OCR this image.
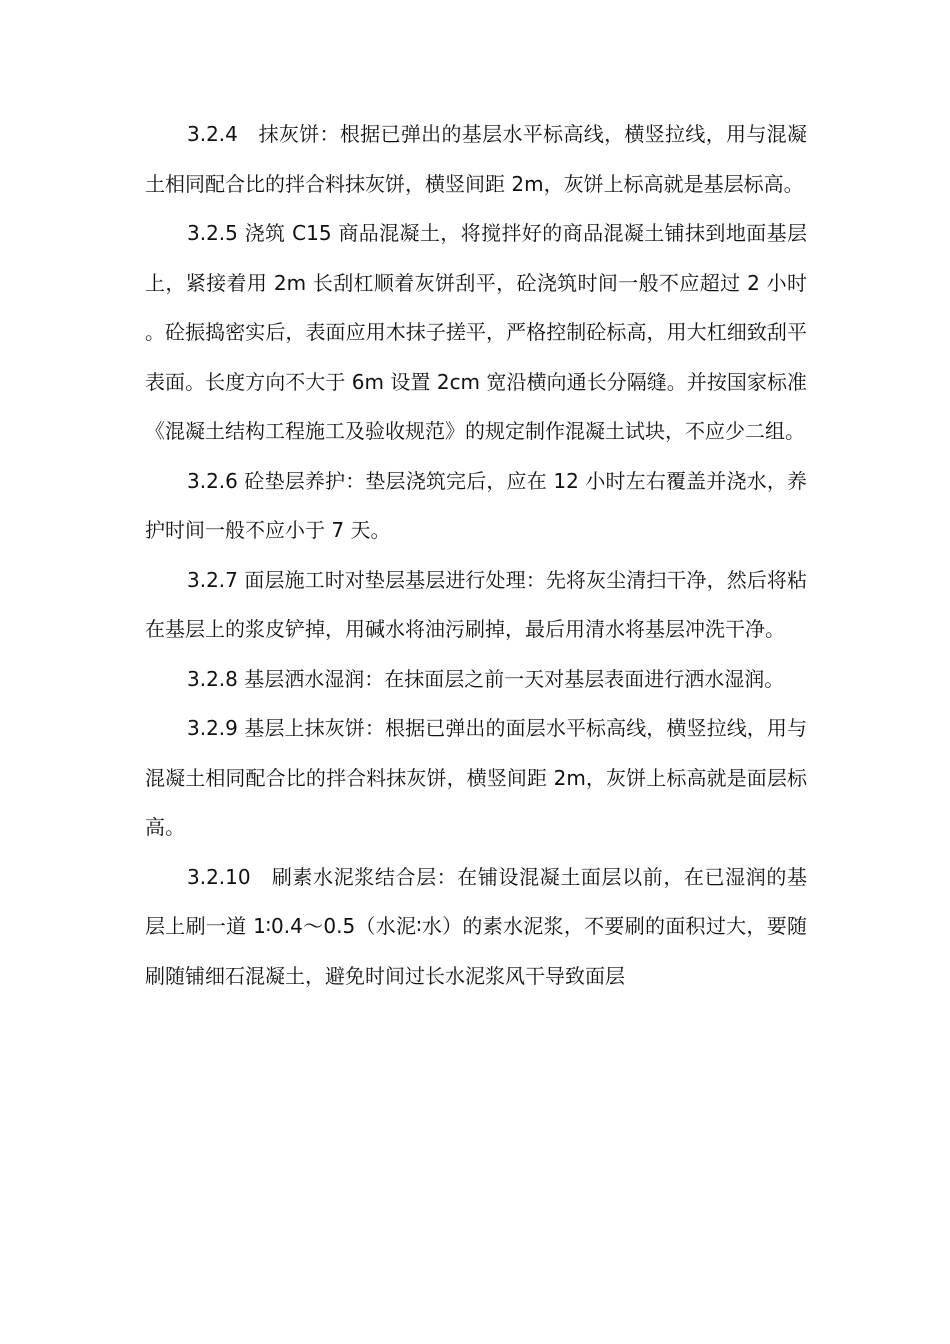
3.2.4　抹灰饼：根据已弹出的基层水平标高线，横竖拉线，用与混凝土相同配合比的拌合料抹灰饼，横竖间距 2m，灰饼上标高就是基层标高。

3.2.5 浇筑 C15 商品混凝土，将搅拌好的商品混凝土铺抹到地面基层上，紧接着用 2m 长刮杠顺着灰饼刮平，砼浇筑时间一般不应超过 2 小时。砼振捣密实后，表面应用木抹子搓平，严格控制砼标高，用大杠细致刮平表面。长度方向不大于 6m 设置 2cm 宽沿横向通长分隔缝。并按国家标准《混凝土结构工程施工及验收规范》的规定制作混凝土试块，不应少二组。

3.2.6 砼垫层养护：垫层浇筑完后，应在 12 小时左右覆盖并浇水，养护时间一般不应小于 7 天。

3.2.7 面层施工时对垫层基层进行处理：先将灰尘清扫干净，然后将粘在基层上的浆皮铲掉，用碱水将油污刷掉，最后用清水将基层冲洗干净。

3.2.8 基层洒水湿润：在抹面层之前一天对基层表面进行洒水湿润。

3.2.9 基层上抹灰饼：根据已弹出的面层水平标高线，横竖拉线，用与混凝土相同配合比的拌合料抹灰饼，横竖间距 2m，灰饼上标高就是面层标高。

3.2.10　刷素水泥浆结合层：在铺设混凝土面层以前，在已湿润的基层上刷一道 1∶0.4～0.5（水泥∶水）的素水泥浆，不要刷的面积过大，要随刷随铺细石混凝土，避免时间过长水泥浆风干导致面层
